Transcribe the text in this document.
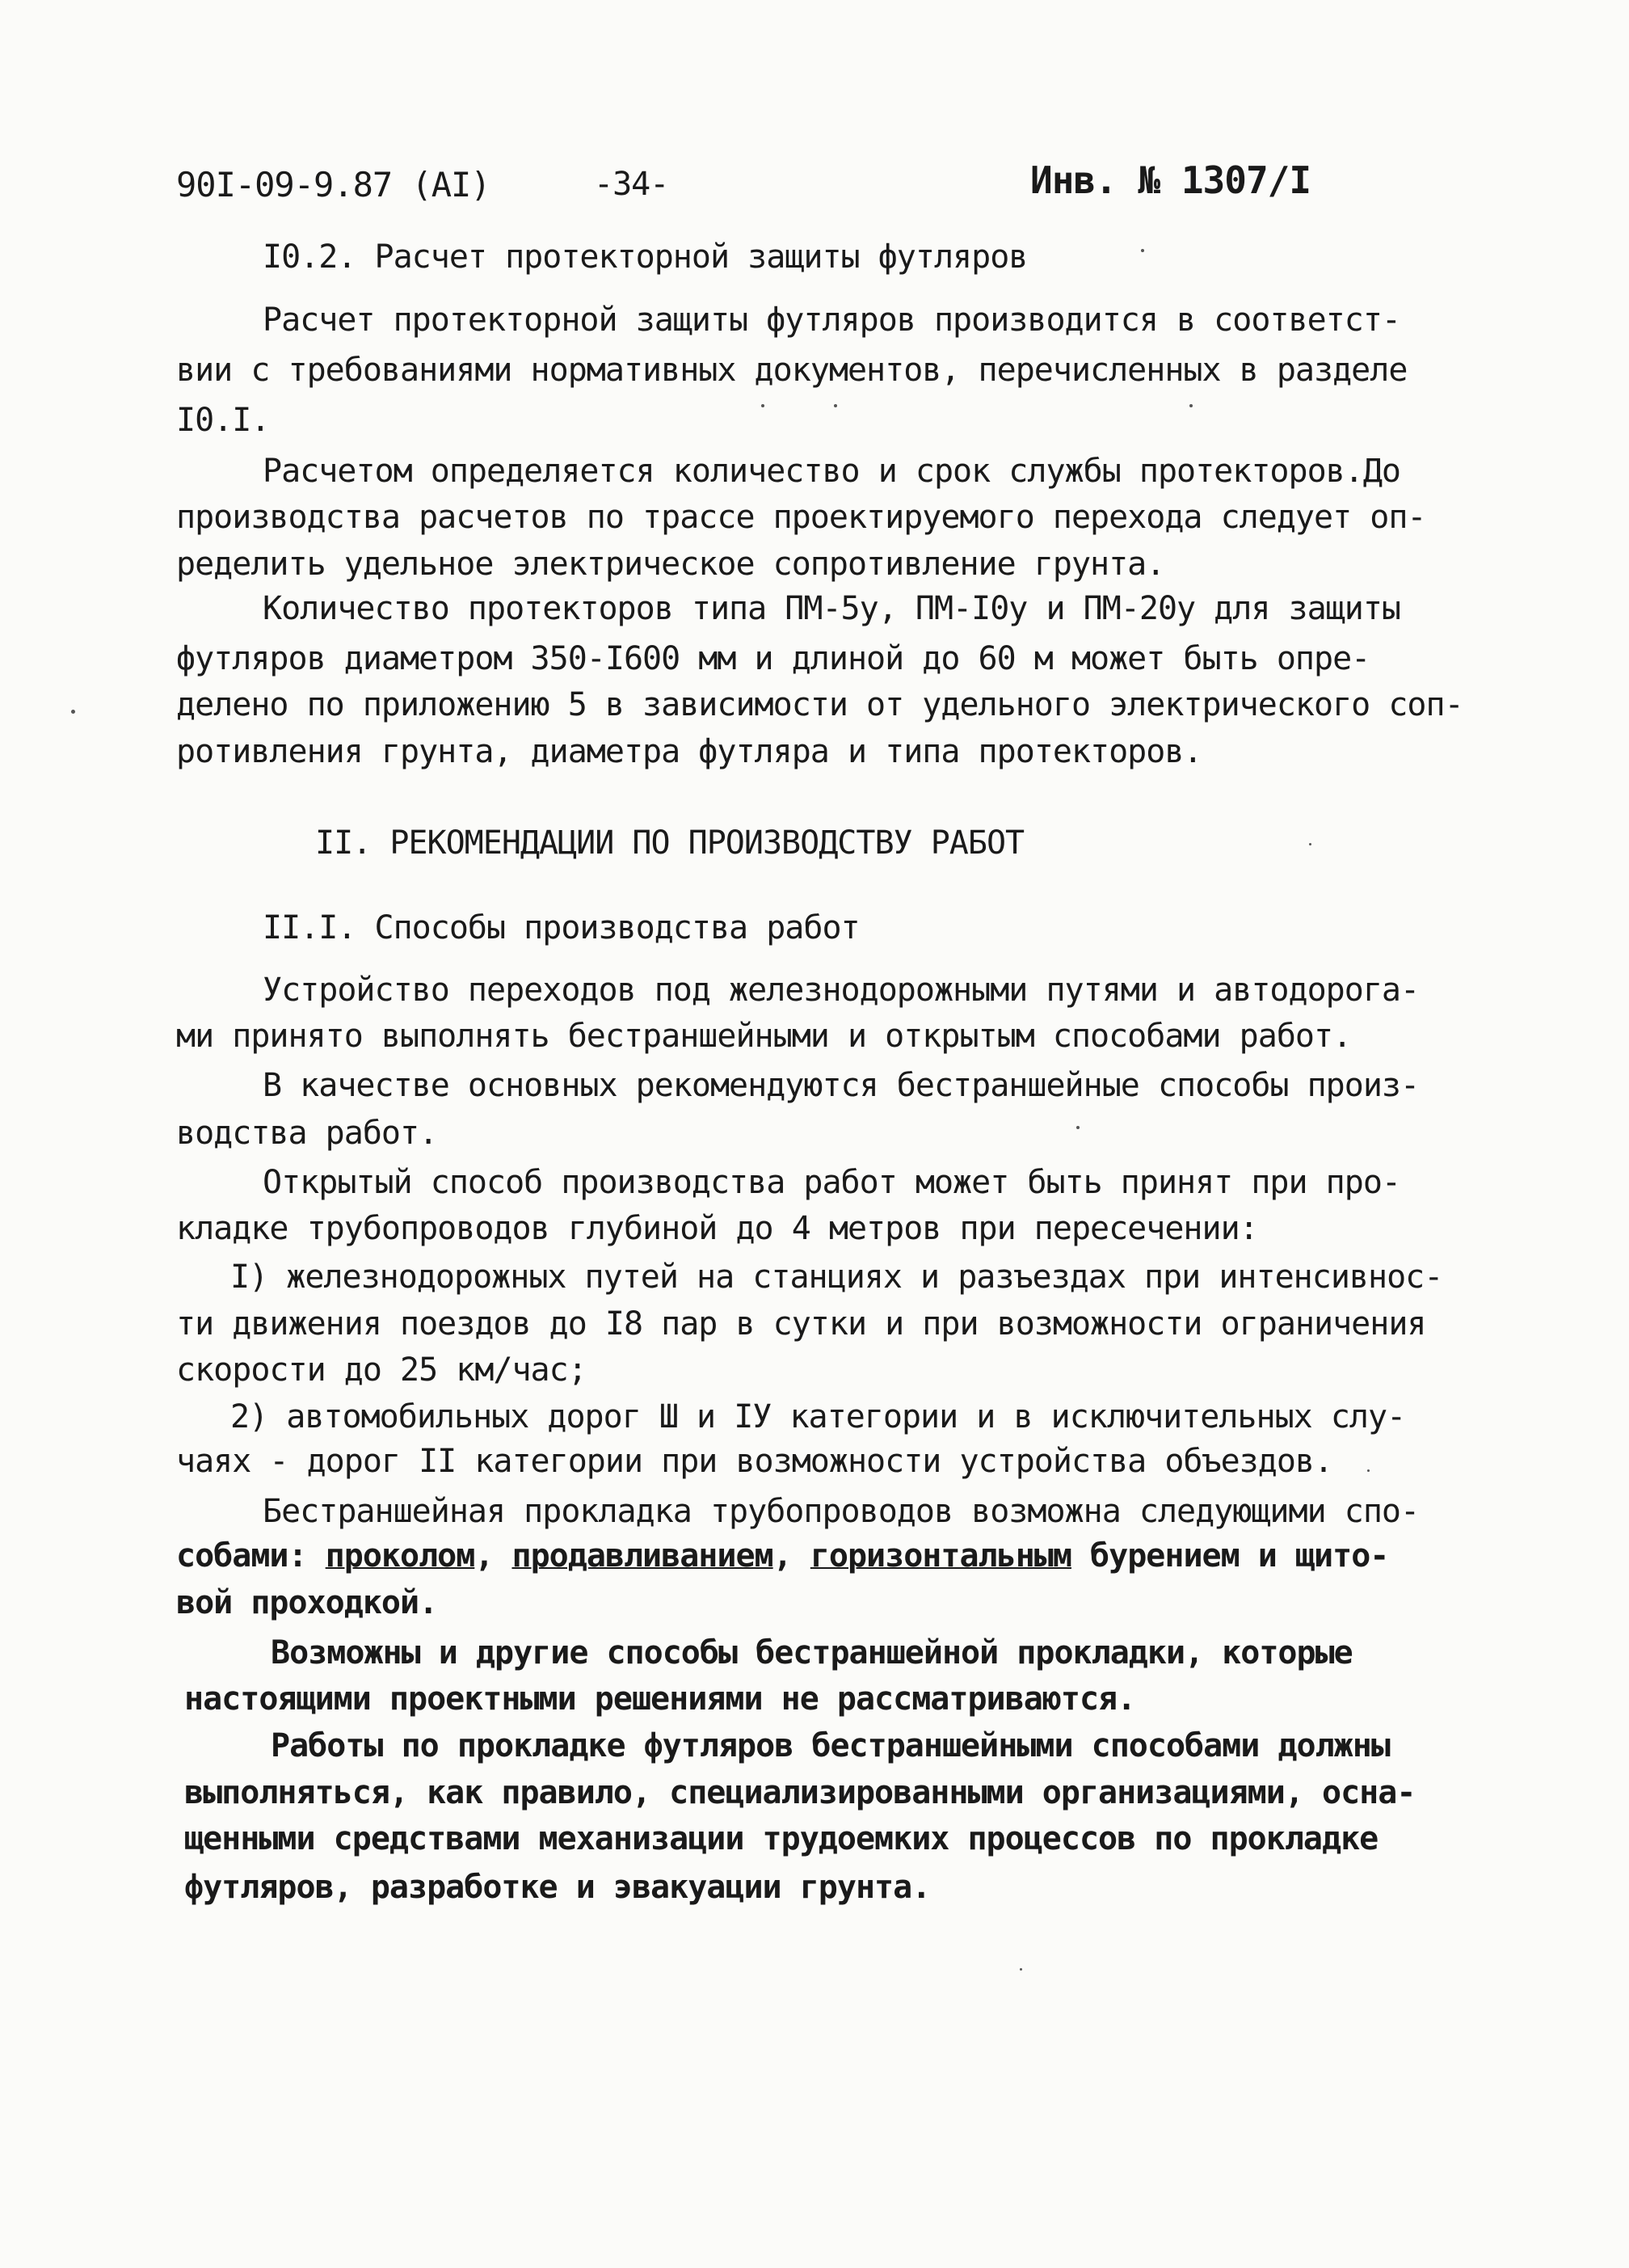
90I-09-9.87 (АI)	-34-	Инв. № 1307/I
I0.2. Расчет протекторной защиты футляров
Расчет протекторной защиты футляров производится в соответст-
вии с требованиями нормативных документов, перечисленных в разделе
I0.I.
Расчетом определяется количество и срок службы протекторов.До
производства расчетов по трассе проектируемого перехода следует оп-
ределить удельное электрическое сопротивление грунта.
Количество протекторов типа ПМ-5у, ПМ-I0у и ПМ-20у для защиты
футляров диаметром 350-I600 мм и длиной до 60 м может быть опре-
делено по приложению 5 в зависимости от удельного электрического соп-
ротивления грунта, диаметра футляра и типа протекторов.
II. РЕКОМЕНДАЦИИ ПО ПРОИЗВОДСТВУ РАБОТ
II.I. Способы производства работ
Устройство переходов под железнодорожными путями и автодорога-
ми принято выполнять бестраншейными и открытым способами работ.
В качестве основных рекомендуются бестраншейные способы произ-
водства работ.
Открытый способ производства работ может быть принят при про-
кладке трубопроводов глубиной до 4 метров при пересечении:
I) железнодорожных путей на станциях и разъездах при интенсивнос-
ти движения поездов до I8 пар в сутки и при возможности ограничения
скорости до 25 км/час;
2) автомобильных дорог Ш и IУ категории и в исключительных слу-
чаях - дорог II категории при возможности устройства объездов.
Бестраншейная прокладка трубопроводов возможна следующими спо-
собами: проколом, продавливанием, горизонтальным бурением и щито-
вой проходкой.
Возможны и другие способы бестраншейной прокладки, которые
настоящими проектными решениями не рассматриваются.
Работы по прокладке футляров бестраншейными способами должны
выполняться, как правило, специализированными организациями, осна-
щенными средствами механизации трудоемких процессов по прокладке
футляров, разработке и эвакуации грунта.
